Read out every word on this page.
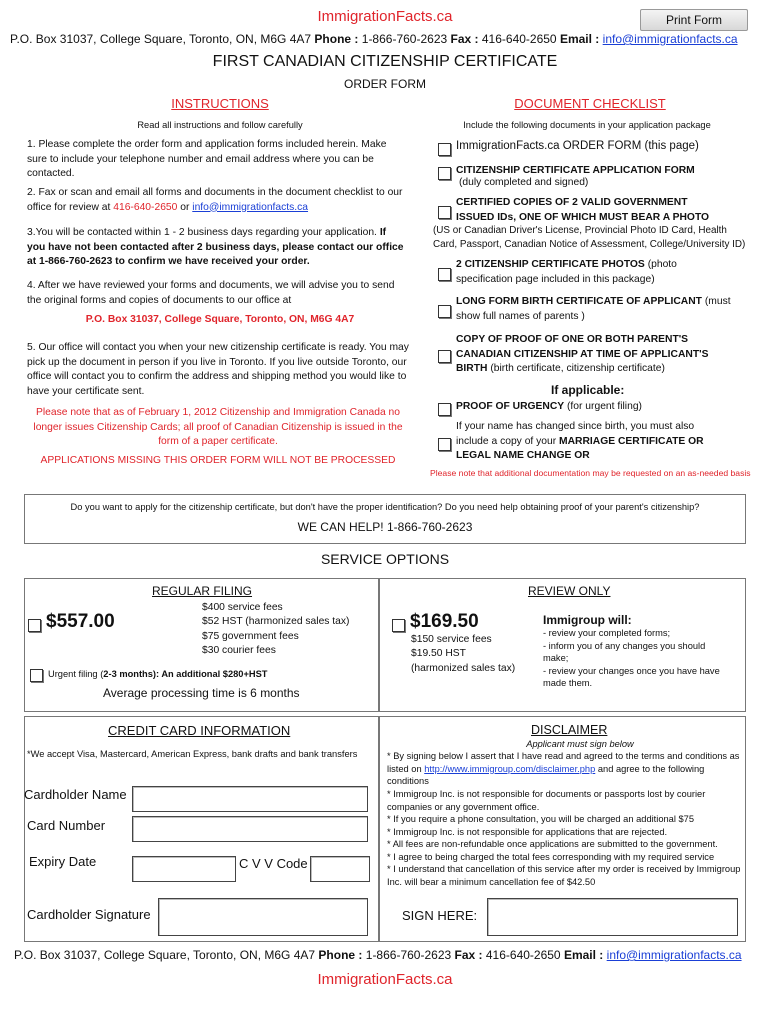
ImmigrationFacts.ca	Print Form
P.O. Box 31037, College Square, Toronto, ON, M6G 4A7 Phone : 1-866-760-2623 Fax : 416-640-2650 Email : info@immigrationfacts.ca
FIRST CANADIAN CITIZENSHIP CERTIFICATE
ORDER FORM
INSTRUCTIONS
Read all instructions and follow carefully
1. Please complete the order form and application forms included herein. Make sure to include your telephone number and email address where you can be contacted.
2. Fax or scan and email all forms and documents in the document checklist to our office for review at 416-640-2650 or info@immigrationfacts.ca
3.You will be contacted within 1 - 2 business days regarding your application. If you have not been contacted after 2 business days, please contact our office at 1-866-760-2623 to confirm we have received your order.
4. After we have reviewed your forms and documents, we will advise you to send the original forms and copies of documents to our office at
P.O. Box 31037, College Square, Toronto, ON, M6G 4A7
5. Our office will contact you when your new citizenship certificate is ready. You may pick up the document in person if you live in Toronto. If you live outside Toronto, our office will contact you to confirm the address and shipping method you would like to have your certificate sent.
Please note that as of February 1, 2012 Citizenship and Immigration Canada no longer issues Citizenship Cards; all proof of Canadian Citizenship is issued in the form of a paper certificate.
APPLICATIONS MISSING THIS ORDER FORM WILL NOT BE PROCESSED
DOCUMENT CHECKLIST
Include the following documents in your application package
ImmigrationFacts.ca ORDER FORM (this page)
CITIZENSHIP CERTIFICATE APPLICATION FORM
(duly completed and signed)
CERTIFIED COPIES OF 2 VALID GOVERNMENT ISSUED IDs, ONE OF WHICH MUST BEAR A PHOTO
(US or Canadian Driver's License, Provincial Photo ID Card, Health Card, Passport, Canadian Notice of Assessment, College/University ID)
2 CITIZENSHIP CERTIFICATE PHOTOS (photo specification page included in this package)
LONG FORM BIRTH CERTIFICATE OF APPLICANT (must show full names of parents )
COPY OF PROOF OF ONE OR BOTH PARENT'S CANADIAN CITIZENSHIP AT TIME OF APPLICANT'S BIRTH (birth certificate, citizenship certificate)
If applicable:
PROOF OF URGENCY (for urgent filing)
If your name has changed since birth, you must also include a copy of your MARRIAGE CERTIFICATE OR LEGAL NAME CHANGE OR
Please note that additional documentation may be requested on an as-needed basis
Do you want to apply for the citizenship certificate, but don't have the proper identification? Do you need help obtaining proof of your parent's citizenship?
WE CAN HELP! 1-866-760-2623
SERVICE OPTIONS
REGULAR FILING
$557.00
$400 service fees
$52 HST (harmonized sales tax)
$75 government fees
$30 courier fees
Urgent filing (2-3 months): An additional $280+HST
Average processing time is 6 months
REVIEW ONLY
$169.50
$150 service fees
$19.50 HST
(harmonized sales tax)
Immigroup will:
- review your completed forms;
- inform you of any changes you should make;
- review your changes once you have have made them.
CREDIT CARD INFORMATION
*We accept Visa, Mastercard, American Express, bank drafts and bank transfers
Cardholder Name
Card Number
Expiry Date	C V V Code
Cardholder Signature
DISCLAIMER
Applicant must sign below
* By signing below I assert that I have read and agreed to the terms and conditions as listed on http://www.immigroup.com/disclaimer.php and agree to the following conditions
* Immigroup Inc. is not responsible for documents or passports lost by courier companies or any government office.
* If you require a phone consultation, you will be charged an additional $75
* Immigroup Inc. is not responsible for applications that are rejected.
* All fees are non-refundable once applications are submitted to the government.
* I agree to being charged the total fees corresponding with my required service
* I understand that cancellation of this service after my order is received by Immigroup Inc. will bear a minimum cancellation fee of $42.50
SIGN HERE:
P.O. Box 31037, College Square, Toronto, ON, M6G 4A7 Phone : 1-866-760-2623 Fax : 416-640-2650 Email : info@immigrationfacts.ca
ImmigrationFacts.ca
